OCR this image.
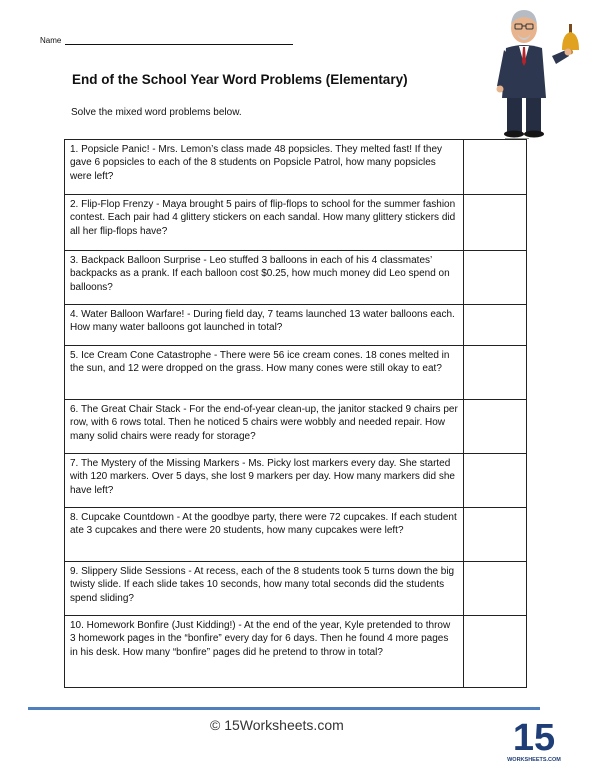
Name
End of the School Year Word Problems (Elementary)
Solve the mixed word problems below.
1. Popsicle Panic! - Mrs. Lemon’s class made 48 popsicles. They melted fast! If they gave 6 popsicles to each of the 8 students on Popsicle Patrol, how many popsicles were left?	
2. Flip-Flop Frenzy - Maya brought 5 pairs of flip-flops to school for the summer fashion contest. Each pair had 4 glittery stickers on each sandal. How many glittery stickers did all her flip-flops have?	
3. Backpack Balloon Surprise - Leo stuffed 3 balloons in each of his 4 classmates’ backpacks as a prank. If each balloon cost $0.25, how much money did Leo spend on balloons?	
4. Water Balloon Warfare! - During field day, 7 teams launched 13 water balloons each. How many water balloons got launched in total?	
5. Ice Cream Cone Catastrophe - There were 56 ice cream cones. 18 cones melted in the sun, and 12 were dropped on the grass. How many cones were still okay to eat?	
6. The Great Chair Stack - For the end-of-year clean-up, the janitor stacked 9 chairs per row, with 6 rows total. Then he noticed 5 chairs were wobbly and needed repair. How many solid chairs were ready for storage?	
7. The Mystery of the Missing Markers - Ms. Picky lost markers every day. She started with 120 markers. Over 5 days, she lost 9 markers per day. How many markers did she have left?	
8. Cupcake Countdown - At the goodbye party, there were 72 cupcakes. If each student ate 3 cupcakes and there were 20 students, how many cupcakes were left?	
9. Slippery Slide Sessions - At recess, each of the 8 students took 5 turns down the big twisty slide. If each slide takes 10 seconds, how many total seconds did the students spend sliding?	
10. Homework Bonfire (Just Kidding!) - At the end of the year, Kyle pretended to throw 3 homework pages in the “bonfire” every day for 6 days. Then he found 4 more pages in his desk. How many “bonfire” pages did he pretend to throw in total?	
© 15Worksheets.com	15
WORKSHEETS.COM
